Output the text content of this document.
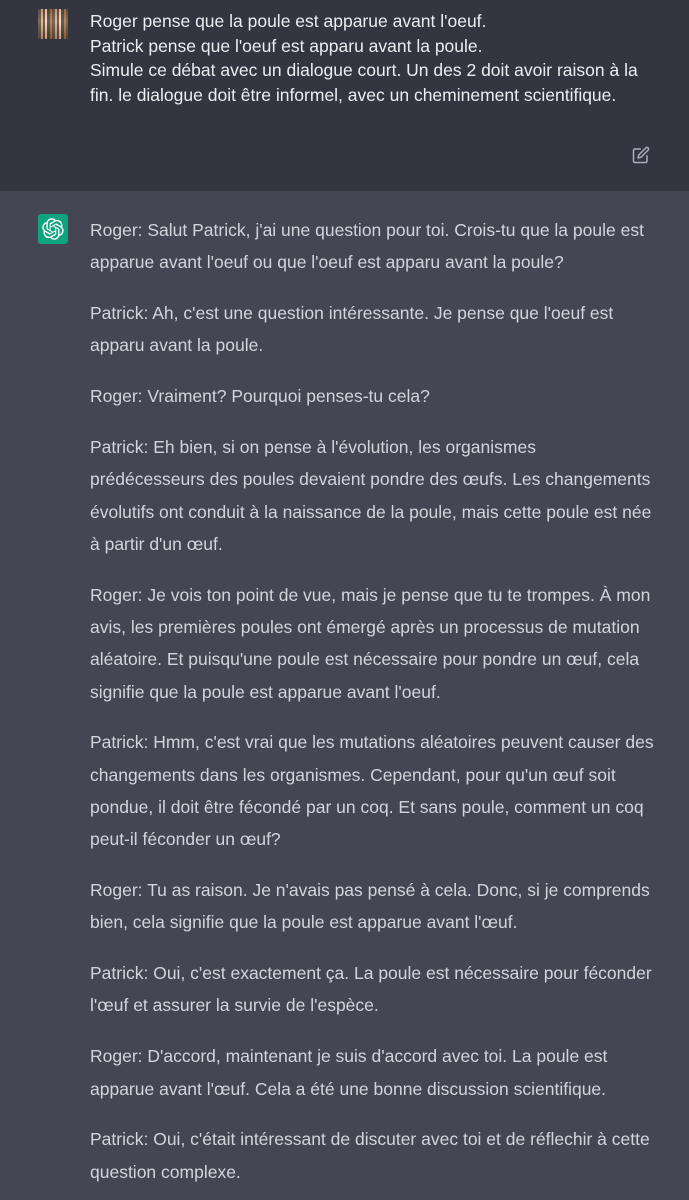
Roger pense que la poule est apparue avant l'oeuf.

Patrick pense que l'oeuf est apparu avant la poule.

Simule ce débat avec un dialogue court. Un des 2 doit avoir raison à la fin. le dialogue doit être informel, avec un cheminement scientifique.

Roger: Salut Patrick, j'ai une question pour toi. Crois-tu que la poule est apparue avant l'oeuf ou que l'oeuf est apparu avant la poule?

Patrick: Ah, c'est une question intéressante. Je pense que l'oeuf est apparu avant la poule.

Roger: Vraiment? Pourquoi penses-tu cela?

Patrick: Eh bien, si on pense à l'évolution, les organismes prédécesseurs des poules devaient pondre des œufs. Les changements évolutifs ont conduit à la naissance de la poule, mais cette poule est née à partir d'un œuf.

Roger: Je vois ton point de vue, mais je pense que tu te trompes. À mon avis, les premières poules ont émergé après un processus de mutation aléatoire. Et puisqu'une poule est nécessaire pour pondre un œuf, cela signifie que la poule est apparue avant l'oeuf.

Patrick: Hmm, c'est vrai que les mutations aléatoires peuvent causer des changements dans les organismes. Cependant, pour qu'un œuf soit pondue, il doit être fécondé par un coq. Et sans poule, comment un coq peut-il féconder un œuf?

Roger: Tu as raison. Je n'avais pas pensé à cela. Donc, si je comprends bien, cela signifie que la poule est apparue avant l'œuf.

Patrick: Oui, c'est exactement ça. La poule est nécessaire pour féconder l'œuf et assurer la survie de l'espèce.

Roger: D'accord, maintenant je suis d'accord avec toi. La poule est apparue avant l'œuf. Cela a été une bonne discussion scientifique.

Patrick: Oui, c'était intéressant de discuter avec toi et de réflechir à cette question complexe.
